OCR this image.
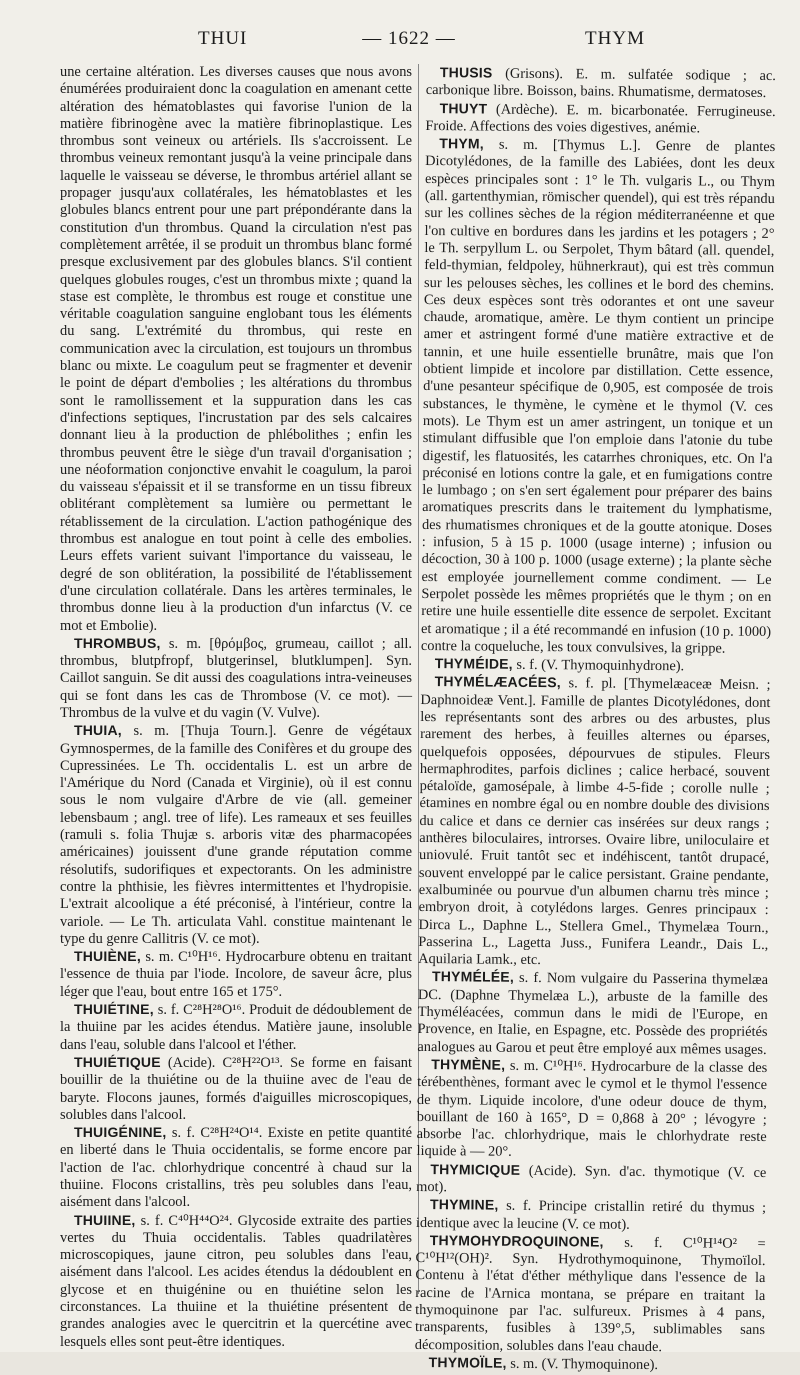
THUI	— 1622 —	THYM

une certaine altération. Les diverses causes que nous avons énumérées produiraient donc la coagulation en amenant cette altération des hématoblastes qui favorise l'union de la matière fibrinogène avec la matière fibrinoplastique. Les thrombus sont veineux ou artériels. Ils s'accroissent. Le thrombus veineux remontant jusqu'à la veine principale dans laquelle le vaisseau se déverse, le thrombus artériel allant se propager jusqu'aux collatérales, les hématoblastes et les globules blancs entrent pour une part prépondérante dans la constitution d'un thrombus. Quand la circulation n'est pas complètement arrêtée, il se produit un thrombus blanc formé presque exclusivement par des globules blancs. S'il contient quelques globules rouges, c'est un thrombus mixte ; quand la stase est complète, le thrombus est rouge et constitue une véritable coagulation sanguine englobant tous les éléments du sang. L'extrémité du thrombus, qui reste en communication avec la circulation, est toujours un thrombus blanc ou mixte. Le coagulum peut se fragmenter et devenir le point de départ d'embolies ; les altérations du thrombus sont le ramollissement et la suppuration dans les cas d'infections septiques, l'incrustation par des sels calcaires donnant lieu à la production de phlébolithes ; enfin les thrombus peuvent être le siège d'un travail d'organisation ; une néoformation conjonctive envahit le coagulum, la paroi du vaisseau s'épaissit et il se transforme en un tissu fibreux oblitérant complètement sa lumière ou permettant le rétablissement de la circulation. L'action pathogénique des thrombus est analogue en tout point à celle des embolies. Leurs effets varient suivant l'importance du vaisseau, le degré de son oblitération, la possibilité de l'établissement d'une circulation collatérale. Dans les artères terminales, le thrombus donne lieu à la production d'un infarctus (V. ce mot et Embolie).

THROMBUS, s. m. [θρόμβος, grumeau, caillot ; all. thrombus, blutpfropf, blutgerinsel, blutklumpen]. Syn. Caillot sanguin. Se dit aussi des coagulations intra-veineuses qui se font dans les cas de Thrombose (V. ce mot). — Thrombus de la vulve et du vagin (V. Vulve).

THUIA, s. m. [Thuja Tourn.]. Genre de végétaux Gymnospermes, de la famille des Conifères et du groupe des Cupressinées. Le Th. occidentalis L. est un arbre de l'Amérique du Nord (Canada et Virginie), où il est connu sous le nom vulgaire d'Arbre de vie (all. gemeiner lebensbaum ; angl. tree of life). Les rameaux et ses feuilles (ramuli s. folia Thujæ s. arboris vitæ des pharmacopées américaines) jouissent d'une grande réputation comme résolutifs, sudorifiques et expectorants. On les administre contre la phthisie, les fièvres intermittentes et l'hydropisie. L'extrait alcoolique a été préconisé, à l'intérieur, contre la variole. — Le Th. articulata Vahl. constitue maintenant le type du genre Callitris (V. ce mot).

THUIÈNE, s. m. C¹⁰H¹⁶. Hydrocarbure obtenu en traitant l'essence de thuia par l'iode. Incolore, de saveur âcre, plus léger que l'eau, bout entre 165 et 175°.

THUIÉTINE, s. f. C²⁸H²⁸O¹⁶. Produit de dédoublement de la thuiine par les acides étendus. Matière jaune, insoluble dans l'eau, soluble dans l'alcool et l'éther.

THUIÉTIQUE (Acide). C²⁸H²²O¹³. Se forme en faisant bouillir de la thuiétine ou de la thuiine avec de l'eau de baryte. Flocons jaunes, formés d'aiguilles microscopiques, solubles dans l'alcool.

THUIGÉNINE, s. f. C²⁸H²⁴O¹⁴. Existe en petite quantité en liberté dans le Thuia occidentalis, se forme encore par l'action de l'ac. chlorhydrique concentré à chaud sur la thuiine. Flocons cristallins, très peu solubles dans l'eau, aisément dans l'alcool.

THUIINE, s. f. C⁴⁰H⁴⁴O²⁴. Glycoside extraite des parties vertes du Thuia occidentalis. Tables quadrilatères microscopiques, jaune citron, peu solubles dans l'eau, aisément dans l'alcool. Les acides étendus la dédoublent en glycose et en thuigénine ou en thuiétine selon les circonstances. La thuiine et la thuiétine présentent de grandes analogies avec le quercitrin et la quercétine avec lesquels elles sont peut-être identiques.

THUSIS (Grisons). E. m. sulfatée sodique ; ac. carbonique libre. Boisson, bains. Rhumatisme, dermatoses.

THUYT (Ardèche). E. m. bicarbonatée. Ferrugineuse. Froide. Affections des voies digestives, anémie.

THYM, s. m. [Thymus L.]. Genre de plantes Dicotylédones, de la famille des Labiées, dont les deux espèces principales sont : 1° le Th. vulgaris L., ou Thym (all. gartenthymian, römischer quendel), qui est très répandu sur les collines sèches de la région méditerranéenne et que l'on cultive en bordures dans les jardins et les potagers ; 2° le Th. serpyllum L. ou Serpolet, Thym bâtard (all. quendel, feld-thymian, feldpoley, hühnerkraut), qui est très commun sur les pelouses sèches, les collines et le bord des chemins. Ces deux espèces sont très odorantes et ont une saveur chaude, aromatique, amère. Le thym contient un principe amer et astringent formé d'une matière extractive et de tannin, et une huile essentielle brunâtre, mais que l'on obtient limpide et incolore par distillation. Cette essence, d'une pesanteur spécifique de 0,905, est composée de trois substances, le thymène, le cymène et le thymol (V. ces mots). Le Thym est un amer astringent, un tonique et un stimulant diffusible que l'on emploie dans l'atonie du tube digestif, les flatuosités, les catarrhes chroniques, etc. On l'a préconisé en lotions contre la gale, et en fumigations contre le lumbago ; on s'en sert également pour préparer des bains aromatiques prescrits dans le traitement du lymphatisme, des rhumatismes chroniques et de la goutte atonique. Doses : infusion, 5 à 15 p. 1000 (usage interne) ; infusion ou décoction, 30 à 100 p. 1000 (usage externe) ; la plante sèche est employée journellement comme condiment. — Le Serpolet possède les mêmes propriétés que le thym ; on en retire une huile essentielle dite essence de serpolet. Excitant et aromatique ; il a été recommandé en infusion (10 p. 1000) contre la coqueluche, les toux convulsives, la grippe.

THYMÉIDE, s. f. (V. Thymoquinhydrone).

THYMÉLÆACÉES, s. f. pl. [Thymelæaceæ Meisn. ; Daphnoideæ Vent.]. Famille de plantes Dicotylédones, dont les représentants sont des arbres ou des arbustes, plus rarement des herbes, à feuilles alternes ou éparses, quelquefois opposées, dépourvues de stipules. Fleurs hermaphrodites, parfois diclines ; calice herbacé, souvent pétaloïde, gamosépale, à limbe 4-5-fide ; corolle nulle ; étamines en nombre égal ou en nombre double des divisions du calice et dans ce dernier cas insérées sur deux rangs ; anthères biloculaires, introrses. Ovaire libre, uniloculaire et uniovulé. Fruit tantôt sec et indéhiscent, tantôt drupacé, souvent enveloppé par le calice persistant. Graine pendante, exalbuminée ou pourvue d'un albumen charnu très mince ; embryon droit, à cotylédons larges. Genres principaux : Dirca L., Daphne L., Stellera Gmel., Thymelæa Tourn., Passerina L., Lagetta Juss., Funifera Leandr., Dais L., Aquilaria Lamk., etc.

THYMÉLÉE, s. f. Nom vulgaire du Passerina thymelæa DC. (Daphne Thymelæa L.), arbuste de la famille des Thyméléacées, commun dans le midi de l'Europe, en Provence, en Italie, en Espagne, etc. Possède des propriétés analogues au Garou et peut être employé aux mêmes usages.

THYMÈNE, s. m. C¹⁰H¹⁶. Hydrocarbure de la classe des térébenthènes, formant avec le cymol et le thymol l'essence de thym. Liquide incolore, d'une odeur douce de thym, bouillant de 160 à 165°, D = 0,868 à 20° ; lévogyre ; absorbe l'ac. chlorhydrique, mais le chlorhydrate reste liquide à — 20°.

THYMICIQUE (Acide). Syn. d'ac. thymotique (V. ce mot).

THYMINE, s. f. Principe cristallin retiré du thymus ; identique avec la leucine (V. ce mot).

THYMOHYDROQUINONE, s. f. C¹⁰H¹⁴O² = C¹⁰H¹²(OH)². Syn. Hydrothymoquinone, Thymoïlol. Contenu à l'état d'éther méthylique dans l'essence de la racine de l'Arnica montana, se prépare en traitant la thymoquinone par l'ac. sulfureux. Prismes à 4 pans, transparents, fusibles à 139°,5, sublimables sans décomposition, solubles dans l'eau chaude.

THYMOÏLE, s. m. (V. Thymoquinone).
